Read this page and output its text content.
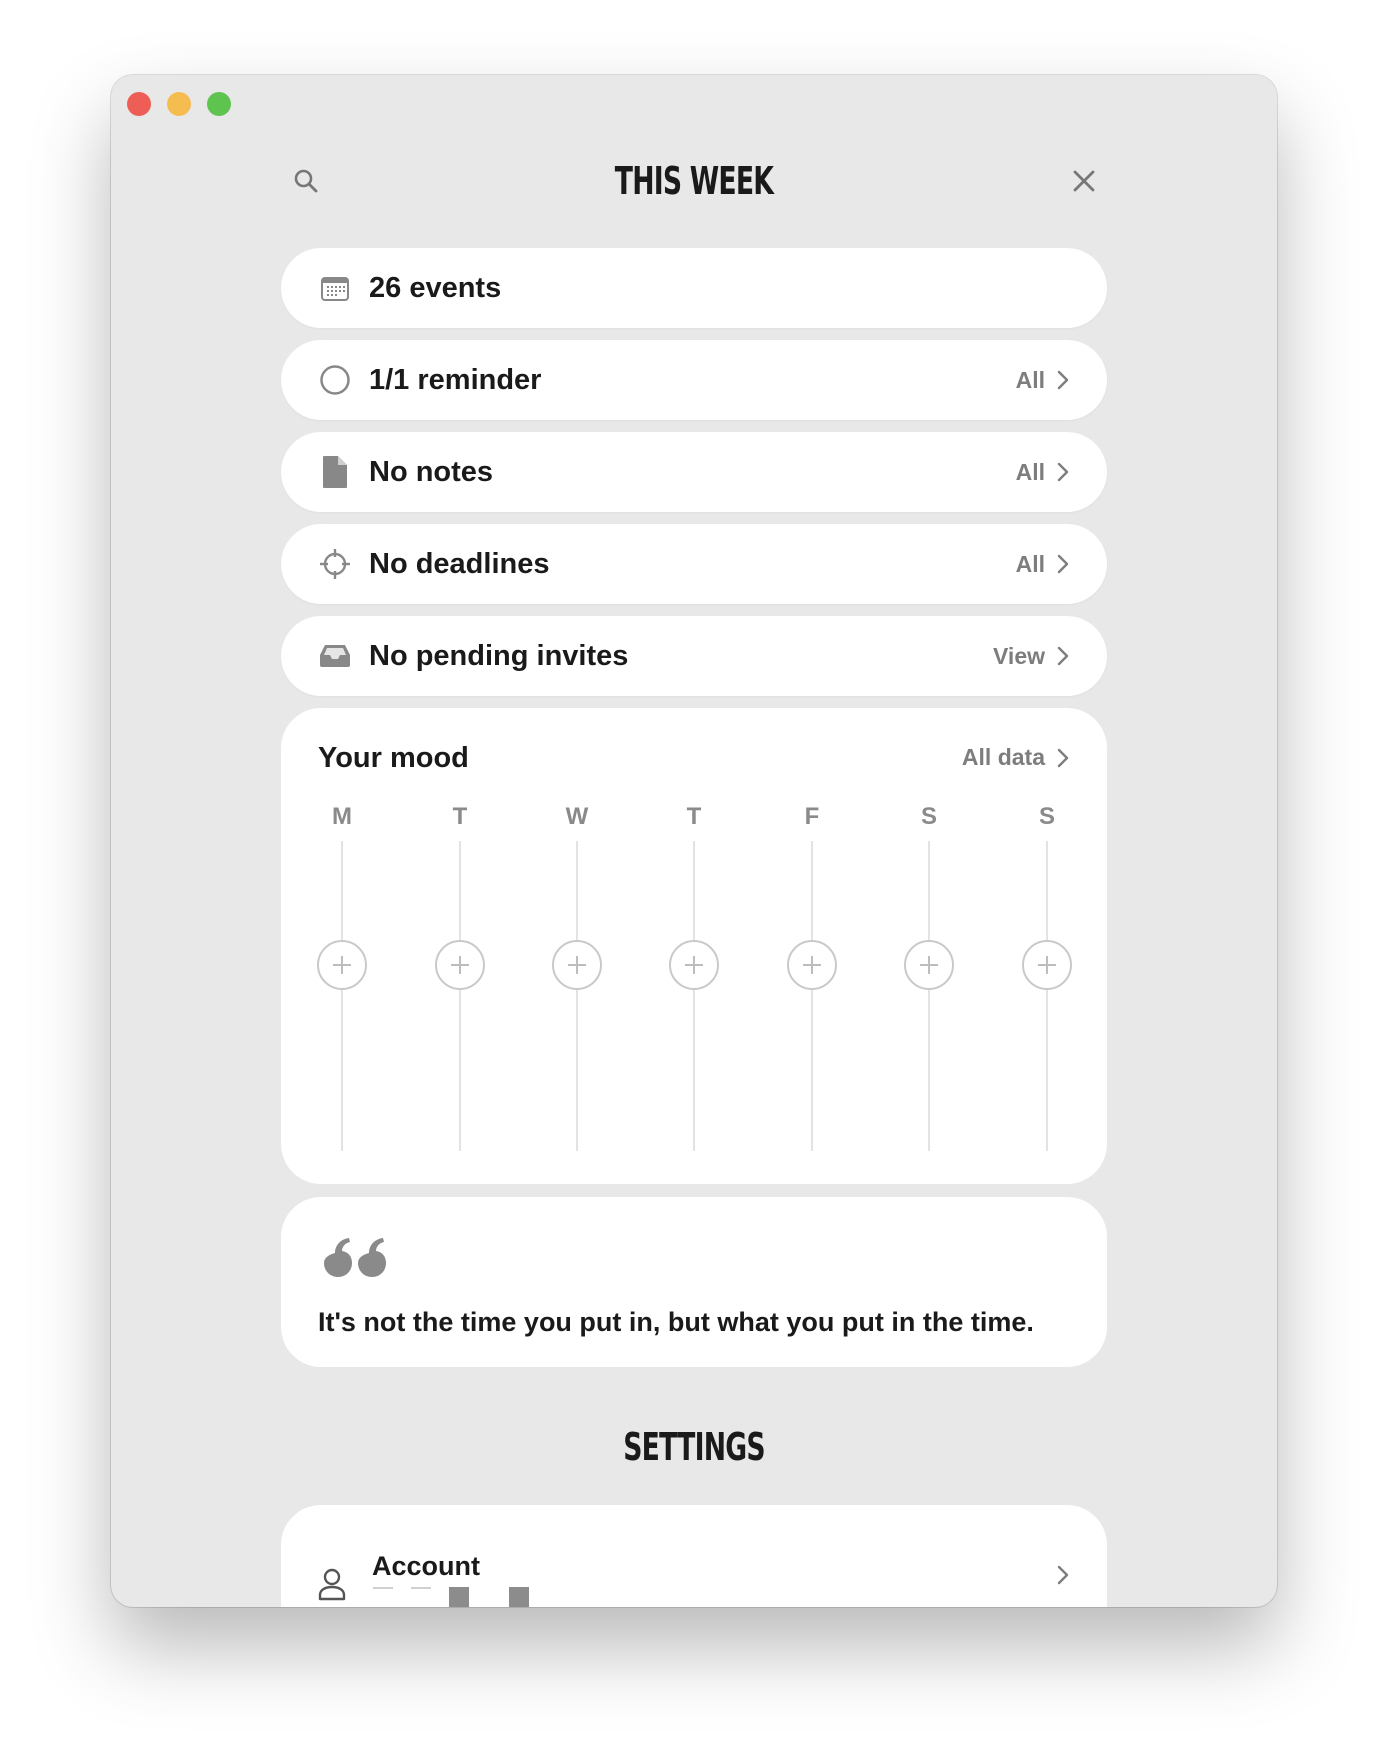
THIS WEEK
26 events
1/1 reminder	All
No notes	All
No deadlines	All
No pending invites	View
Your mood	All data
M	T	W	T	F	S	S
It's not the time you put in, but what you put in the time.
SETTINGS
Account
